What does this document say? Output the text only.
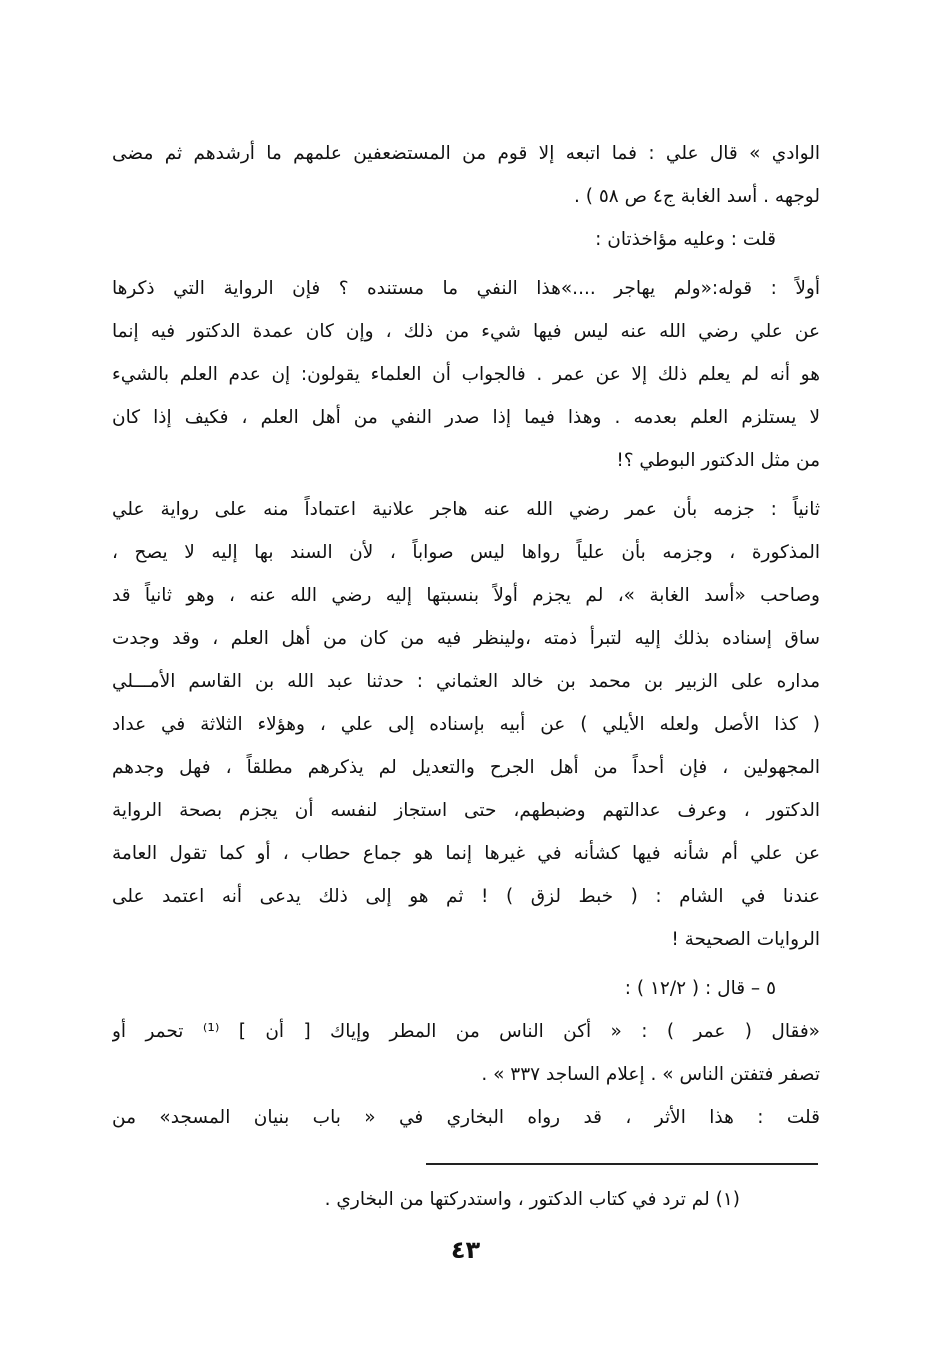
الوادي » قال علي : فما اتبعه إلا قوم من المستضعفين علمهم ما أرشدهم ثم مضى
لوجهه . أسد الغابة ج٤ ص ٥٨ ) .
قلت : وعليه مؤاخذتان :
أولاً : قوله:«ولم يهاجر ....»هذا النفي ما مستنده ؟ فإن الرواية التي ذكرها
عن علي رضي الله عنه ليس فيها شيء من ذلك ، وإن كان عمدة الدكتور فيه إنما
هو أنه لم يعلم ذلك إلا عن عمر . فالجواب أن العلماء يقولون: إن عدم العلم بالشيء
لا يستلزم العلم بعدمه . وهذا فيما إذا صدر النفي من أهل العلم ، فكيف إذا كان
من مثل الدكتور البوطي ؟!
ثانياً : جزمه بأن عمر رضي الله عنه هاجر علانية اعتماداً منه على رواية علي
المذكورة ، وجزمه بأن علياً رواها ليس صواباً ، لأن السند بها إليه لا يصح ،
وصاحب «أسد الغابة »، لم يجزم أولاً بنسبتها إليه رضي الله عنه ، وهو ثانياً قد
ساق إسناده بذلك إليه لتبرأ ذمته ،ولينظر فيه من كان من أهل العلم ، وقد وجدت
مداره على الزبير بن محمد بن خالد العثماني : حدثنا عبد الله بن القاسم الأمـــلي
( كذا الأصل ولعله الأيلي ) عن أبيه بإسناده إلى علي ، وهؤلاء الثلاثة في عداد
المجهولين ، فإن أحداً من أهل الجرح والتعديل لم يذكرهم مطلقاً ، فهل وجدهم
الدكتور ، وعرف عدالتهم وضبطهم، حتى استجاز لنفسه أن يجزم بصحة الرواية
عن علي أم شأنه فيها كشأنه في غيرها إنما هو جماع حطاب ، أو كما تقول العامة
عندنا في الشام : ( خبط لزق ) ! ثم هو إلى ذلك يدعى أنه اعتمد على
الروايات الصحيحة !
٥ – قال : ( ١٢/٢ ) :
«فقال ( عمر ) : « أكن الناس من المطر وإياك [ أن ] ⁽¹⁾ تحمر أو
تصفر فتفتن الناس » . إعلام الساجد ٣٣٧ » .
قلت : هذا الأثر ، قد رواه البخاري في « باب بنيان المسجد» من
(١) لم ترد في كتاب الدكتور ، واستدركتها من البخاري .
٤٣
